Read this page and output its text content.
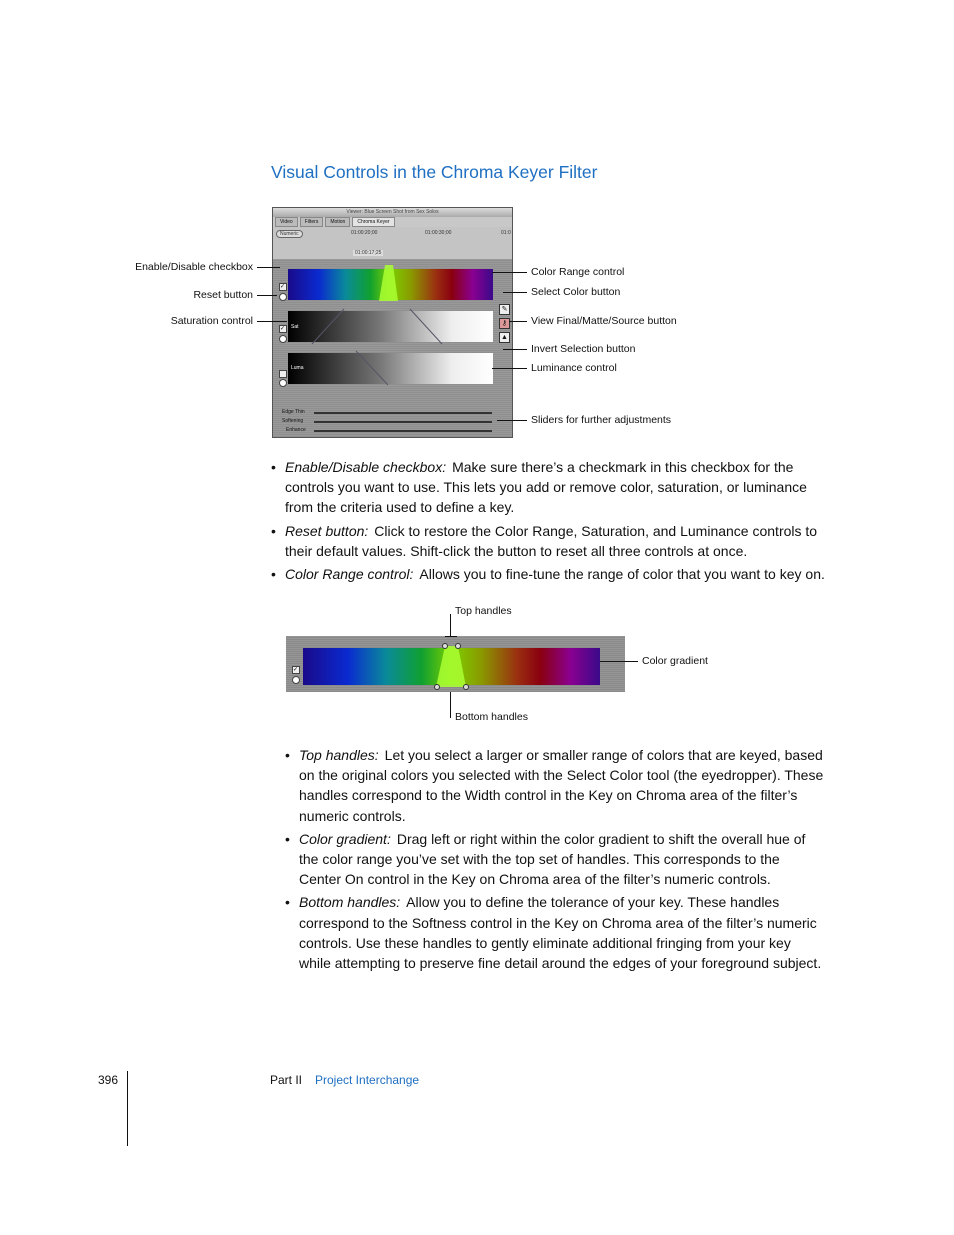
Visual Controls in the Chroma Keyer Filter
Viewer: Blue Screen Shot from Sex Solos
Video Filters Motion Chroma Keyer
Numeric	01:00:20;00	01:00:30;00	01:0
01:00:17;25
✓
Sat
✓
Luma
✎
⚷
▲
Edge Thin
Softening
Enhance
Enable/Disable checkbox
Reset button
Saturation control
Color Range control
Select Color button
View Final/Matte/Source button
Invert Selection button
Luminance control
Sliders for further adjustments
• Enable/Disable checkbox: Make sure there’s a checkmark in this checkbox for the controls you want to use. This lets you add or remove color, saturation, or luminance from the criteria used to define a key.
• Reset button: Click to restore the Color Range, Saturation, and Luminance controls to their default values. Shift-click the button to reset all three controls at once.
• Color Range control: Allows you to fine-tune the range of color that you want to key on.
✓
Top handles
Color gradient
Bottom handles
• Top handles: Let you select a larger or smaller range of colors that are keyed, based on the original colors you selected with the Select Color tool (the eyedropper). These handles correspond to the Width control in the Key on Chroma area of the filter’s numeric controls.
• Color gradient: Drag left or right within the color gradient to shift the overall hue of the color range you’ve set with the top set of handles. This corresponds to the Center On control in the Key on Chroma area of the filter’s numeric controls.
• Bottom handles: Allow you to define the tolerance of your key. These handles correspond to the Softness control in the Key on Chroma area of the filter’s numeric controls. Use these handles to gently eliminate additional fringing from your key while attempting to preserve fine detail around the edges of your foreground subject.
396	Part II Project Interchange
